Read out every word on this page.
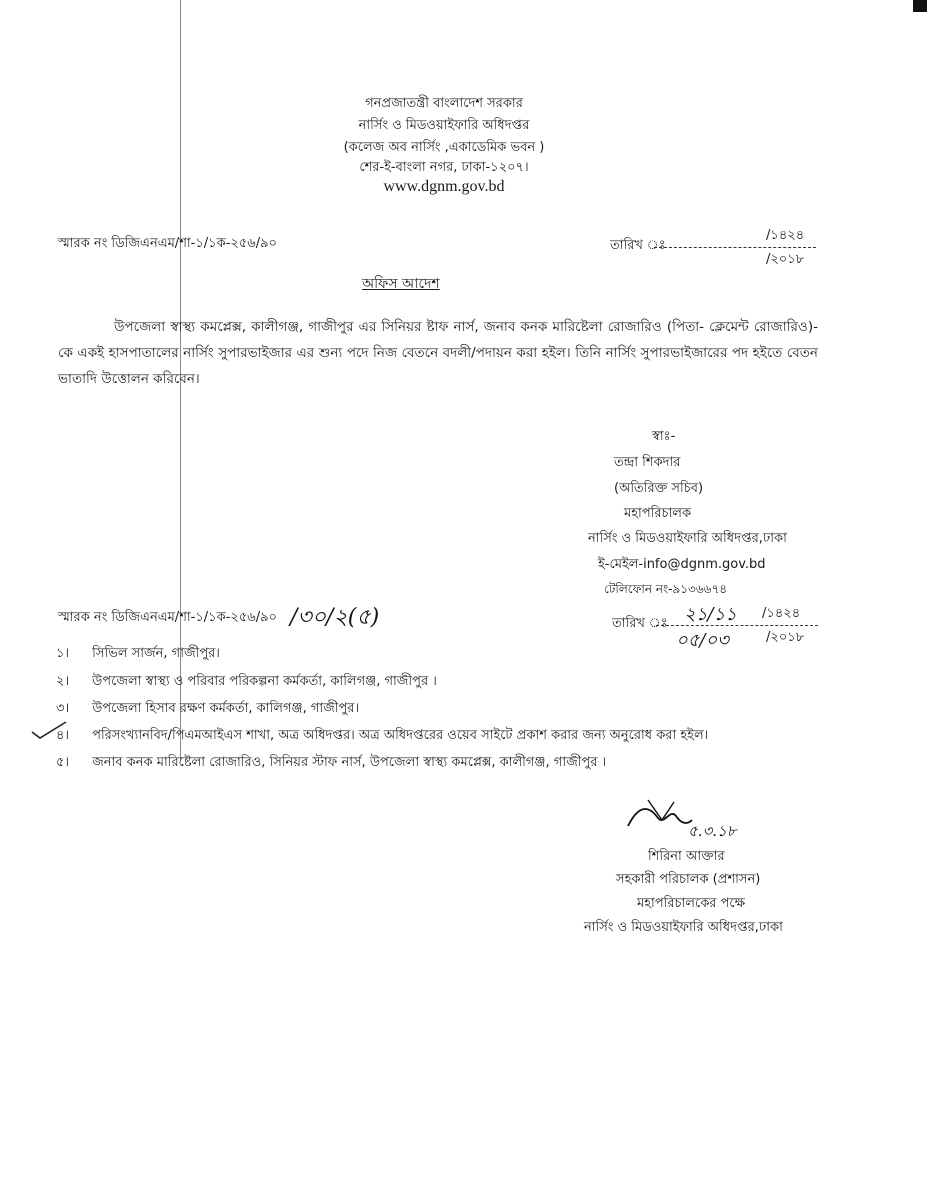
গনপ্রজাতন্ত্রী বাংলাদেশ সরকার
নার্সিং ও মিডওয়াইফারি অধিদপ্তর
(কলেজ অব নার্সিং ,একাডেমিক ভবন )
শের-ই-বাংলা নগর, ঢাকা-১২০৭।
www.dgnm.gov.bd
স্মারক নং ডিজিএনএম/শা-১/১ক-২৫৬/৯০	তারিখ ঃ
/১৪২৪
/২০১৮
অফিস আদেশ
উপজেলা স্বাস্থ্য কমপ্লেক্স, কালীগঞ্জ, গাজীপুর এর সিনিয়র ষ্টাফ নার্স, জনাব কনক মারিষ্টেলা রোজারিও (পিতা- ক্লেমেন্ট রোজারিও)-কে একই হাসপাতালের নার্সিং সুপারভাইজার এর শুন্য পদে নিজ বেতনে বদলী/পদায়ন করা হইল। তিনি নার্সিং সুপারভাইজারের পদ হইতে বেতন ভাতাদি উত্তোলন করিবেন।
স্বাঃ-
তন্দ্রা শিকদার
(অতিরিক্ত সচিব)
মহাপরিচালক
নার্সিং ও মিডওয়াইফারি অধিদপ্তর,ঢাকা
ই-মেইল-info@dgnm.gov.bd
টেলিফোন নং-৯১৩৬৬৭৪
স্মারক নং ডিজিএনএম/শা-১/১ক-২৫৬/৯০ /৩০/২(৫)	তারিখ ঃ ২১/১১ /১৪২৪
০৫/০৩	/২০১৮
১। সিভিল সার্জন, গাজীপুর।
২। উপজেলা স্বাস্থ্য ও পরিবার পরিকল্পনা কর্মকর্তা, কালিগঞ্জ, গাজীপুর ।
৩। উপজেলা হিসাব রক্ষণ কর্মকর্তা, কালিগঞ্জ, গাজীপুর।
৪। পরিসংখ্যানবিদ/পিএমআইএস শাখা, অত্র অধিদপ্তর। অত্র অধিদপ্তরের ওয়েব সাইটে প্রকাশ করার জন্য অনুরোধ করা হইল।
৫। জনাব কনক মারিষ্টেলা রোজারিও, সিনিয়র স্টাফ নার্স, উপজেলা স্বাস্থ্য কমপ্লেক্স, কালীগঞ্জ, গাজীপুর ।
৫.৩.১৮
শিরিনা আক্তার
সহকারী পরিচালক (প্রশাসন)
মহাপরিচালকের পক্ষে
নার্সিং ও মিডওয়াইফারি অধিদপ্তর,ঢাকা
